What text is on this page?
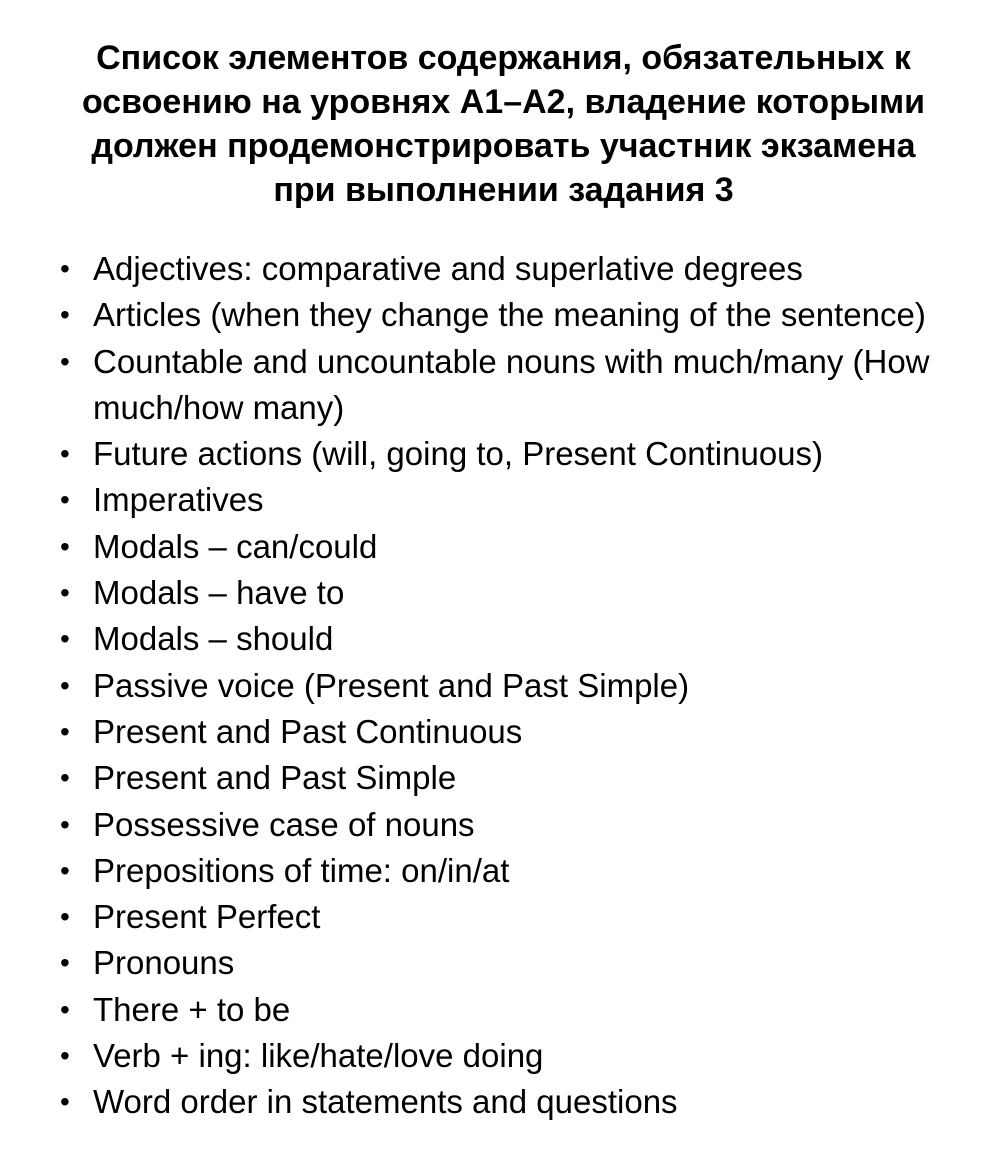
Список элементов содержания, обязательных к
освоению на уровнях А1–А2, владение которыми
должен продемонстрировать участник экзамена
при выполнении задания 3
• Adjectives: comparative and superlative degrees
• Articles (when they change the meaning of the sentence)
• Countable and uncountable nouns with much/many (How much/how many)
• Future actions (will, going to, Present Continuous)
• Imperatives
• Modals – can/could
• Modals – have to
• Modals – should
• Passive voice (Present and Past Simple)
• Present and Past Continuous
• Present and Past Simple
• Possessive case of nouns
• Prepositions of time: on/in/at
• Present Perfect
• Pronouns
• There + to be
• Verb + ing: like/hate/love doing
• Word order in statements and questions
